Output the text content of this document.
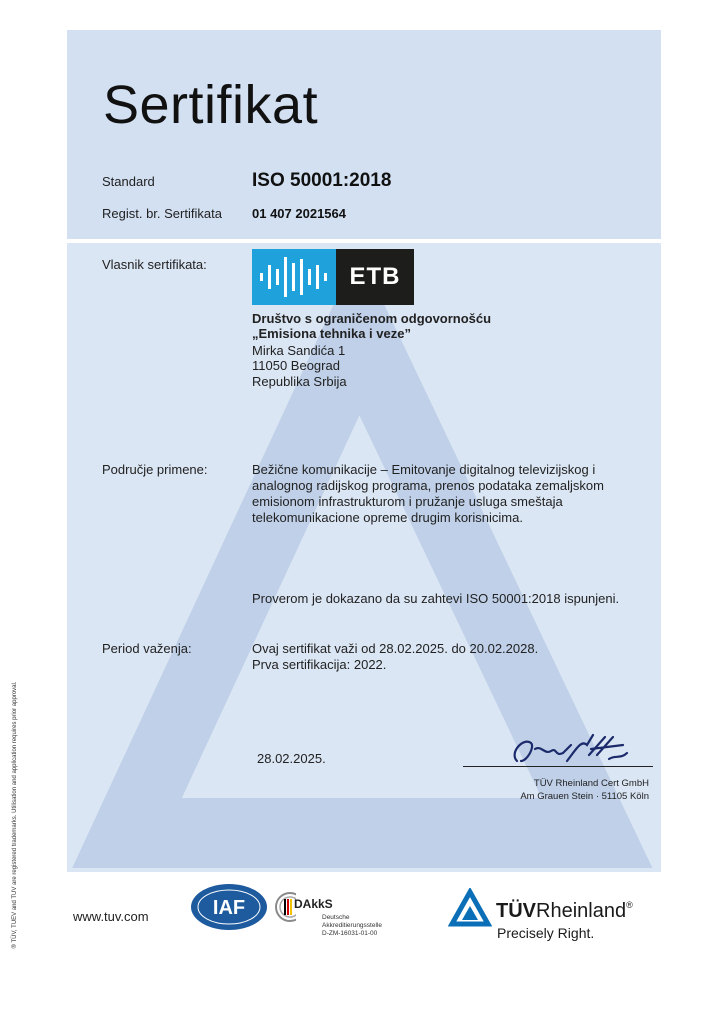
Sertifikat
Standard	ISO 50001:2018
Regist. br. Sertifikata 01 407 2021564
Vlasnik sertifikata:	ETB
Društvo s ograničenom odgovornošću
„Emisiona tehnika i veze”
Mirka Sandića 1
11050 Beograd
Republika Srbija
Područje primene:	Bežične komunikacije – Emitovanje digitalnog televizijskog i
analognog radijskog programa, prenos podataka zemaljskom
emisionom infrastrukturom i pružanje usluga smeštaja
telekomunikacione opreme drugim korisnicima.
Proverom je dokazano da su zahtevi ISO 50001:2018 ispunjeni.
Period važenja:	Ovaj sertifikat važi od 28.02.2025. do 20.02.2028.
Prva sertifikacija: 2022.
28.02.2025.
TÜV Rheinland Cert GmbH
Am Grauen Stein · 51105 Köln
® TÜV, TUEV and TUV are registered trademarks. Utilisation and application requires prior approval.	www.tuv.com	IAF	DAkkS
Deutsche
Akkreditierungsstelle
D-ZM-16031-01-00
TÜVRheinland®
Precisely Right.
